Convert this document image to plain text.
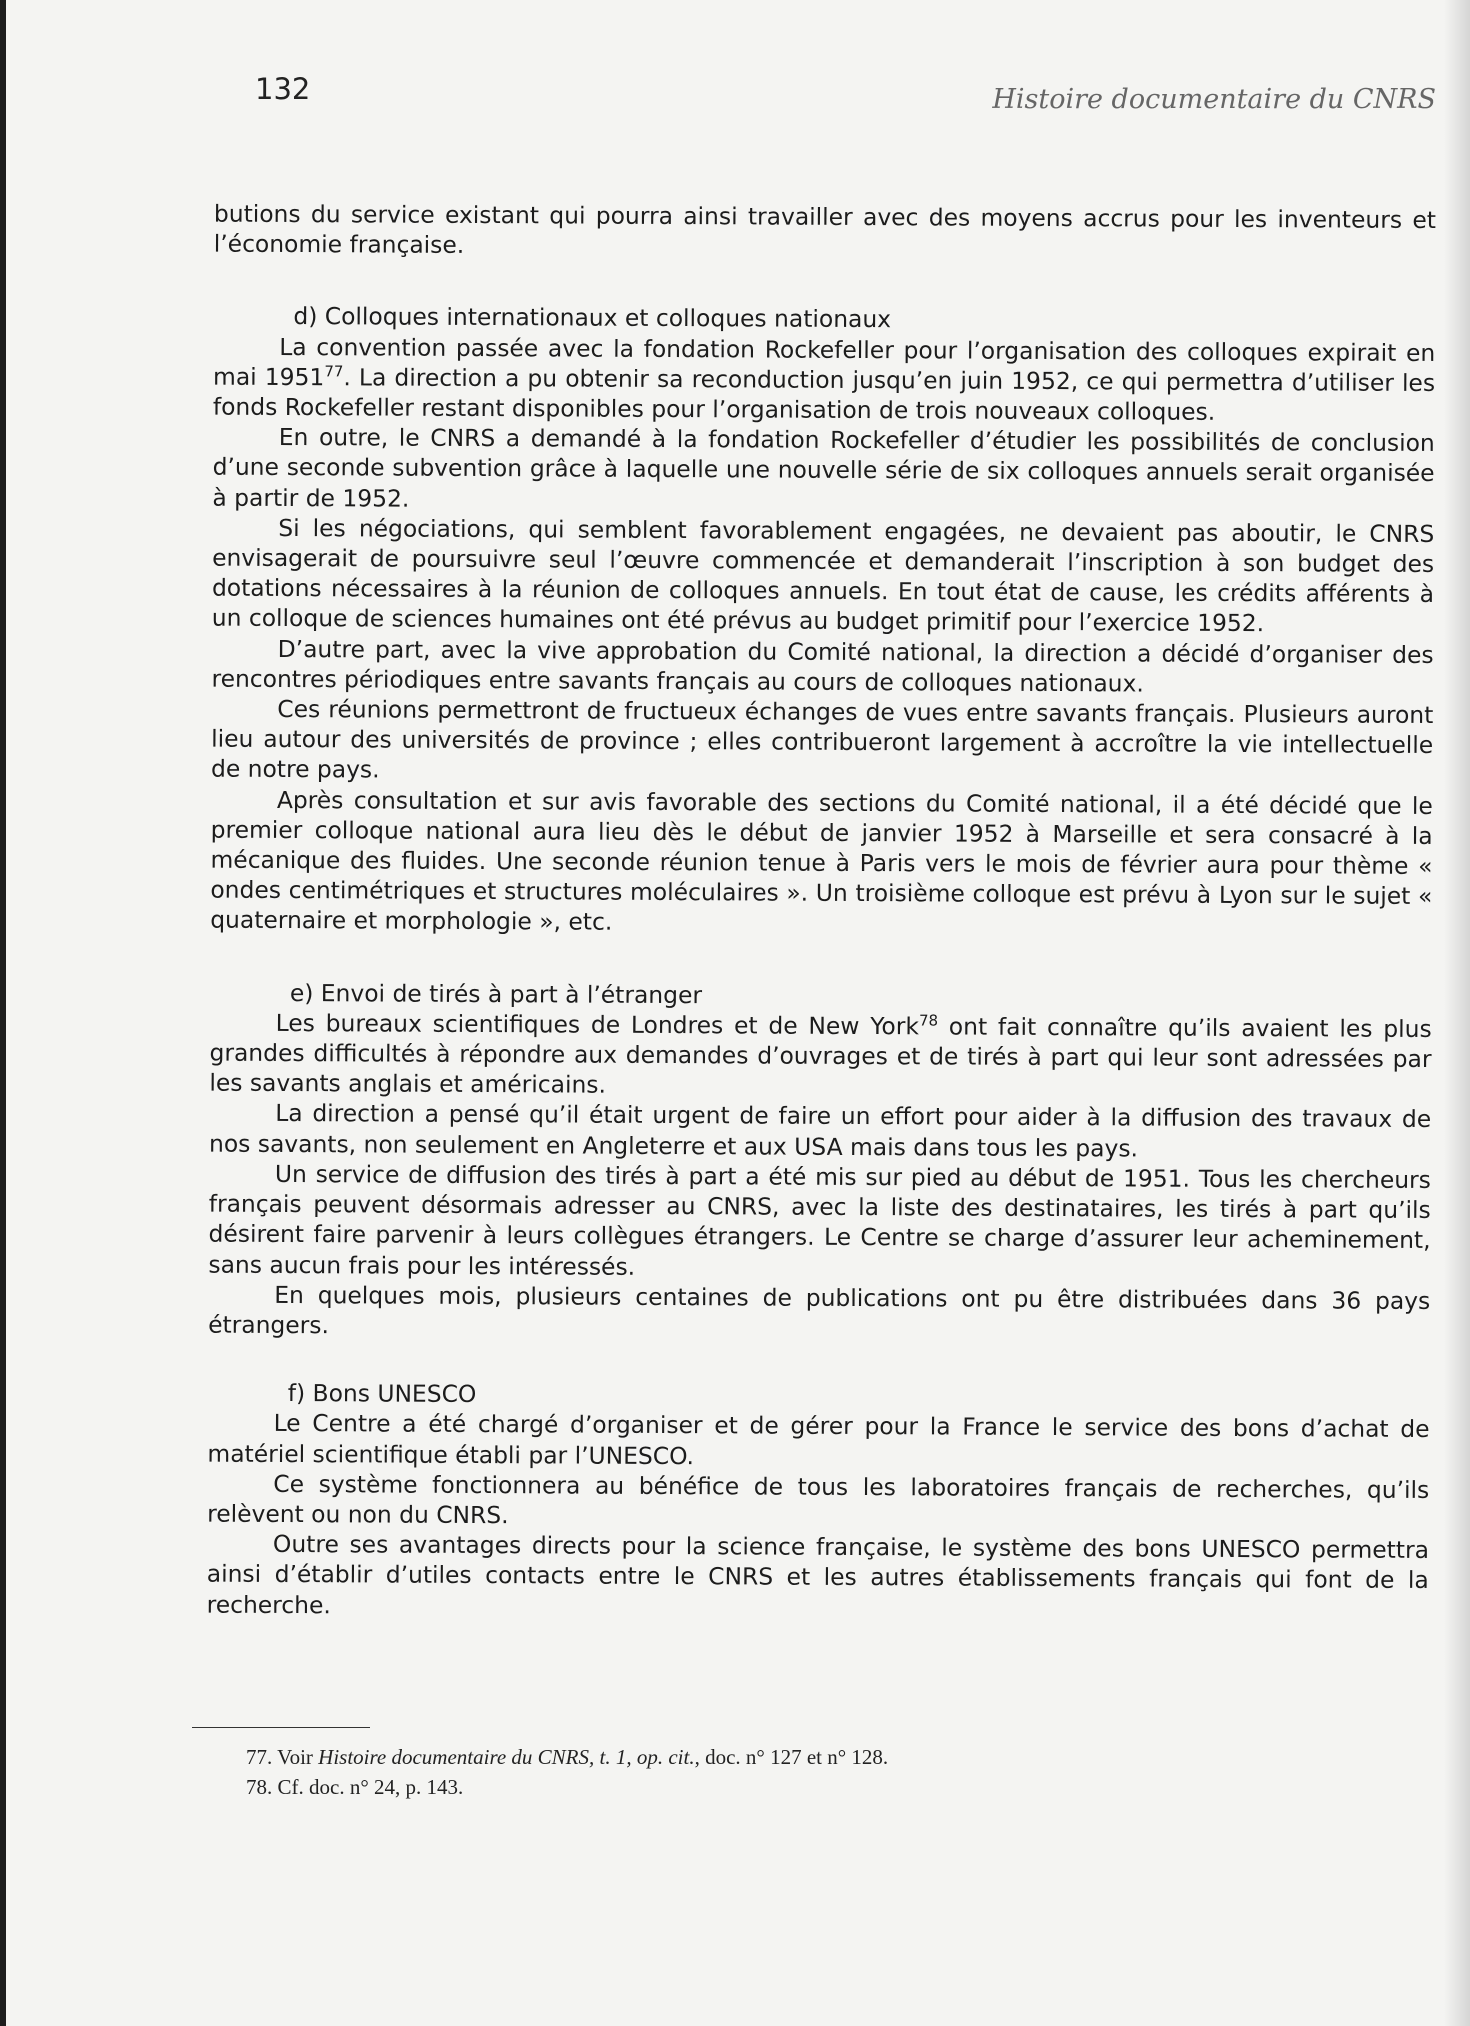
132	Histoire documentaire du CNRS

butions du service existant qui pourra ainsi travailler avec des moyens accrus pour les inventeurs et l’économie française.

d) Colloques internationaux et colloques nationaux

La convention passée avec la fondation Rockefeller pour l’organisation des colloques expirait en mai 1951$^{77}$. La direction a pu obtenir sa reconduction jusqu’en juin 1952, ce qui permettra d’utiliser les fonds Rockefeller restant disponibles pour l’organisation de trois nouveaux colloques.

En outre, le CNRS a demandé à la fondation Rockefeller d’étudier les possibilités de conclusion d’une seconde subvention grâce à laquelle une nouvelle série de six colloques annuels serait organisée à partir de 1952.

Si les négociations, qui semblent favorablement engagées, ne devaient pas aboutir, le CNRS envisagerait de poursuivre seul l’œuvre commencée et demanderait l’inscription à son budget des dotations nécessaires à la réunion de colloques annuels. En tout état de cause, les crédits afférents à un colloque de sciences humaines ont été prévus au budget primitif pour l’exercice 1952.

D’autre part, avec la vive approbation du Comité national, la direction a décidé d’organiser des rencontres périodiques entre savants français au cours de colloques nationaux.

Ces réunions permettront de fructueux échanges de vues entre savants français. Plusieurs auront lieu autour des universités de province ; elles contribueront largement à accroître la vie intellectuelle de notre pays.

Après consultation et sur avis favorable des sections du Comité national, il a été décidé que le premier colloque national aura lieu dès le début de janvier 1952 à Marseille et sera consacré à la mécanique des fluides. Une seconde réunion tenue à Paris vers le mois de février aura pour thème « ondes centimétriques et structures moléculaires ». Un troisième colloque est prévu à Lyon sur le sujet « quaternaire et morphologie », etc.

e) Envoi de tirés à part à l’étranger

Les bureaux scientifiques de Londres et de New York$^{78}$ ont fait connaître qu’ils avaient les plus grandes difficultés à répondre aux demandes d’ouvrages et de tirés à part qui leur sont adressées par les savants anglais et américains.

La direction a pensé qu’il était urgent de faire un effort pour aider à la diffusion des travaux de nos savants, non seulement en Angleterre et aux USA mais dans tous les pays.

Un service de diffusion des tirés à part a été mis sur pied au début de 1951. Tous les chercheurs français peuvent désormais adresser au CNRS, avec la liste des destinataires, les tirés à part qu’ils désirent faire parvenir à leurs collègues étrangers. Le Centre se charge d’assurer leur acheminement, sans aucun frais pour les intéressés.

En quelques mois, plusieurs centaines de publications ont pu être distribuées dans 36 pays étrangers.

f) Bons UNESCO

Le Centre a été chargé d’organiser et de gérer pour la France le service des bons d’achat de matériel scientifique établi par l’UNESCO.

Ce système fonctionnera au bénéfice de tous les laboratoires français de recherches, qu’ils relèvent ou non du CNRS.

Outre ses avantages directs pour la science française, le système des bons UNESCO permettra ainsi d’établir d’utiles contacts entre le CNRS et les autres établissements français qui font de la recherche.

77. Voir Histoire documentaire du CNRS, t. 1, op. cit., doc. n° 127 et n° 128.

78. Cf. doc. n° 24, p. 143.
